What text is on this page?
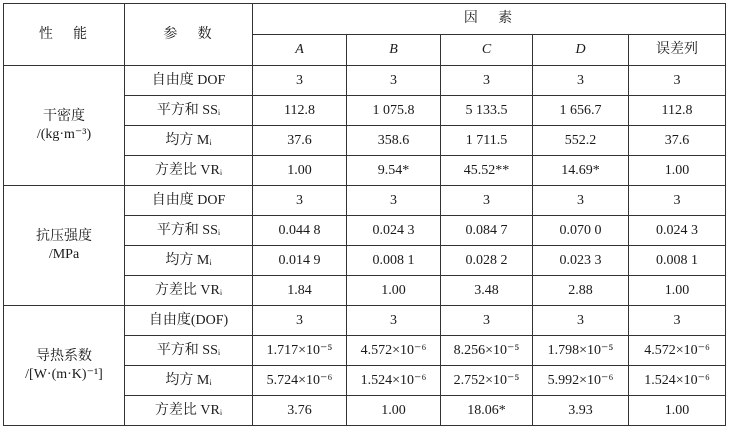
性 能	参 数	因 素				
		A	B	C	D	误差列

干密度
/(kg·m⁻³)	自由度 DOF	3	3	3	3	3
	平方和 SSᵢ	112.8	1 075.8	5 133.5	1 656.7	112.8
	均方 Mᵢ	37.6	358.6	1 711.5	552.2	37.6
	方差比 VRᵢ	1.00	9.54*	45.52**	14.69*	1.00

抗压强度
/MPa	自由度 DOF	3	3	3	3	3
	平方和 SSᵢ	0.044 8	0.024 3	0.084 7	0.070 0	0.024 3
	均方 Mᵢ	0.014 9	0.008 1	0.028 2	0.023 3	0.008 1
	方差比 VRᵢ	1.84	1.00	3.48	2.88	1.00

导热系数
/[W·(m·K)⁻¹]	自由度(DOF)	3	3	3	3	3
	平方和 SSᵢ	1.717×10⁻⁵	4.572×10⁻⁶	8.256×10⁻⁵	1.798×10⁻⁵	4.572×10⁻⁶
	均方 Mᵢ	5.724×10⁻⁶	1.524×10⁻⁶	2.752×10⁻⁵	5.992×10⁻⁶	1.524×10⁻⁶
	方差比 VRᵢ	3.76	1.00	18.06*	3.93	1.00
